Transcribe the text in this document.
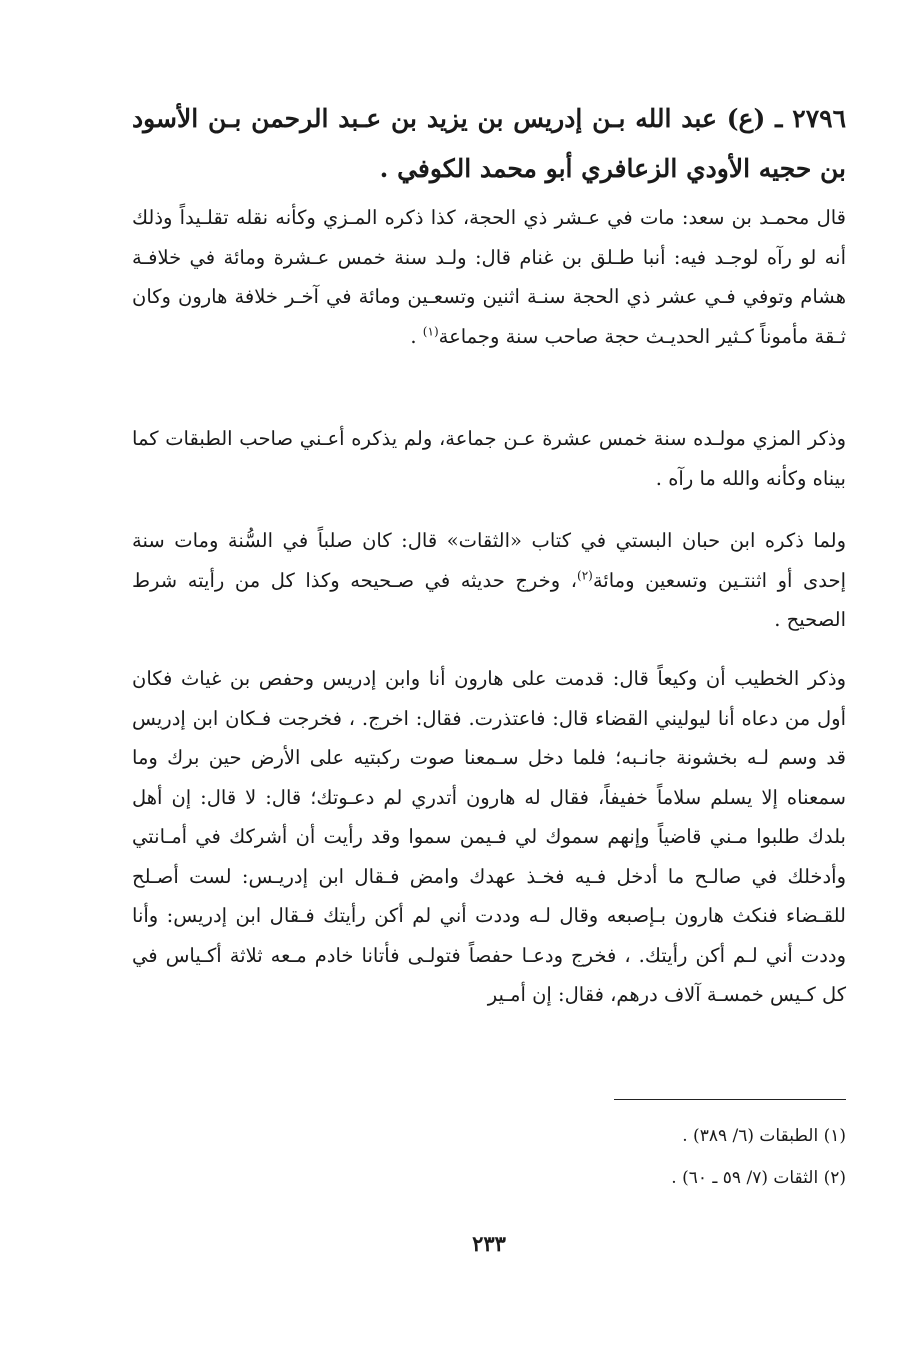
٢٧٩٦ ـ (ع) عبد الله بـن إدريس بن يزيد بن عـبد الرحمن بـن الأسود بن حجيه الأودي الزعافري أبو محمد الكوفي .

قال محمـد بن سعد: مات في عـشر ذي الحجة، كذا ذكره المـزي وكأنه نقله تقلـيداً وذلك أنه لو رآه لوجـد فيه: أنبا طـلق بن غنام قال: ولـد سنة خمس عـشرة ومائة في خلافـة هشام وتوفي فـي عشر ذي الحجة سنـة اثنين وتسعـين ومائة في آخـر خلافة هارون وكان ثـقة مأموناً كـثير الحديـث حجة صاحب سنة وجماعة$^{(١)}$ .

وذكر المزي مولـده سنة خمس عشرة عـن جماعة، ولم يذكره أعـني صاحب الطبقات كما بيناه وكأنه والله ما رآه .

ولما ذكره ابن حبان البستي في كتاب «الثقات» قال: كان صلباً في السُّنة ومات سنة إحدى أو اثنتـين وتسعين ومائة$^{(٢)}$، وخرج حديثه في صـحيحه وكذا كل من رأيته شرط الصحيح .

وذكر الخطيب أن وكيعاً قال: قدمت على هارون أنا وابن إدريس وحفص بن غياث فكان أول من دعاه أنا ليوليني القضاء قال: فاعتذرت. فقال: اخرج. ، فخرجت فـكان ابن إدريس قد وسم لـه بخشونة جانـبه؛ فلما دخل سـمعنا صوت ركبتيه على الأرض حين برك وما سمعناه إلا يسلم سلاماً خفيفاً، فقال له هارون أتدري لم دعـوتك؛ قال: لا قال: إن أهل بلدك طلبوا مـني قاضياً وإنهم سموك لي فـيمن سموا وقد رأيت أن أشركك في أمـانتي وأدخلك في صالـح ما أدخل فـيه فخـذ عهدك وامض فـقال ابن إدريـس: لست أصـلح للقـضاء فنكث هارون بـإصبعه وقال لـه وددت أني لم أكن رأيتك فـقال ابن إدريس: وأنا وددت أني لـم أكن رأيتك. ، فخرج ودعـا حفصاً فتولـى فأتانا خادم مـعه ثلاثة أكـياس في كل كـيس خمسـة آلاف درهم، فقال: إن أمـير

(١) الطبقات (٦/ ٣٨٩) .

(٢) الثقات (٧/ ٥٩ ـ ٦٠) .

٢٣٣
